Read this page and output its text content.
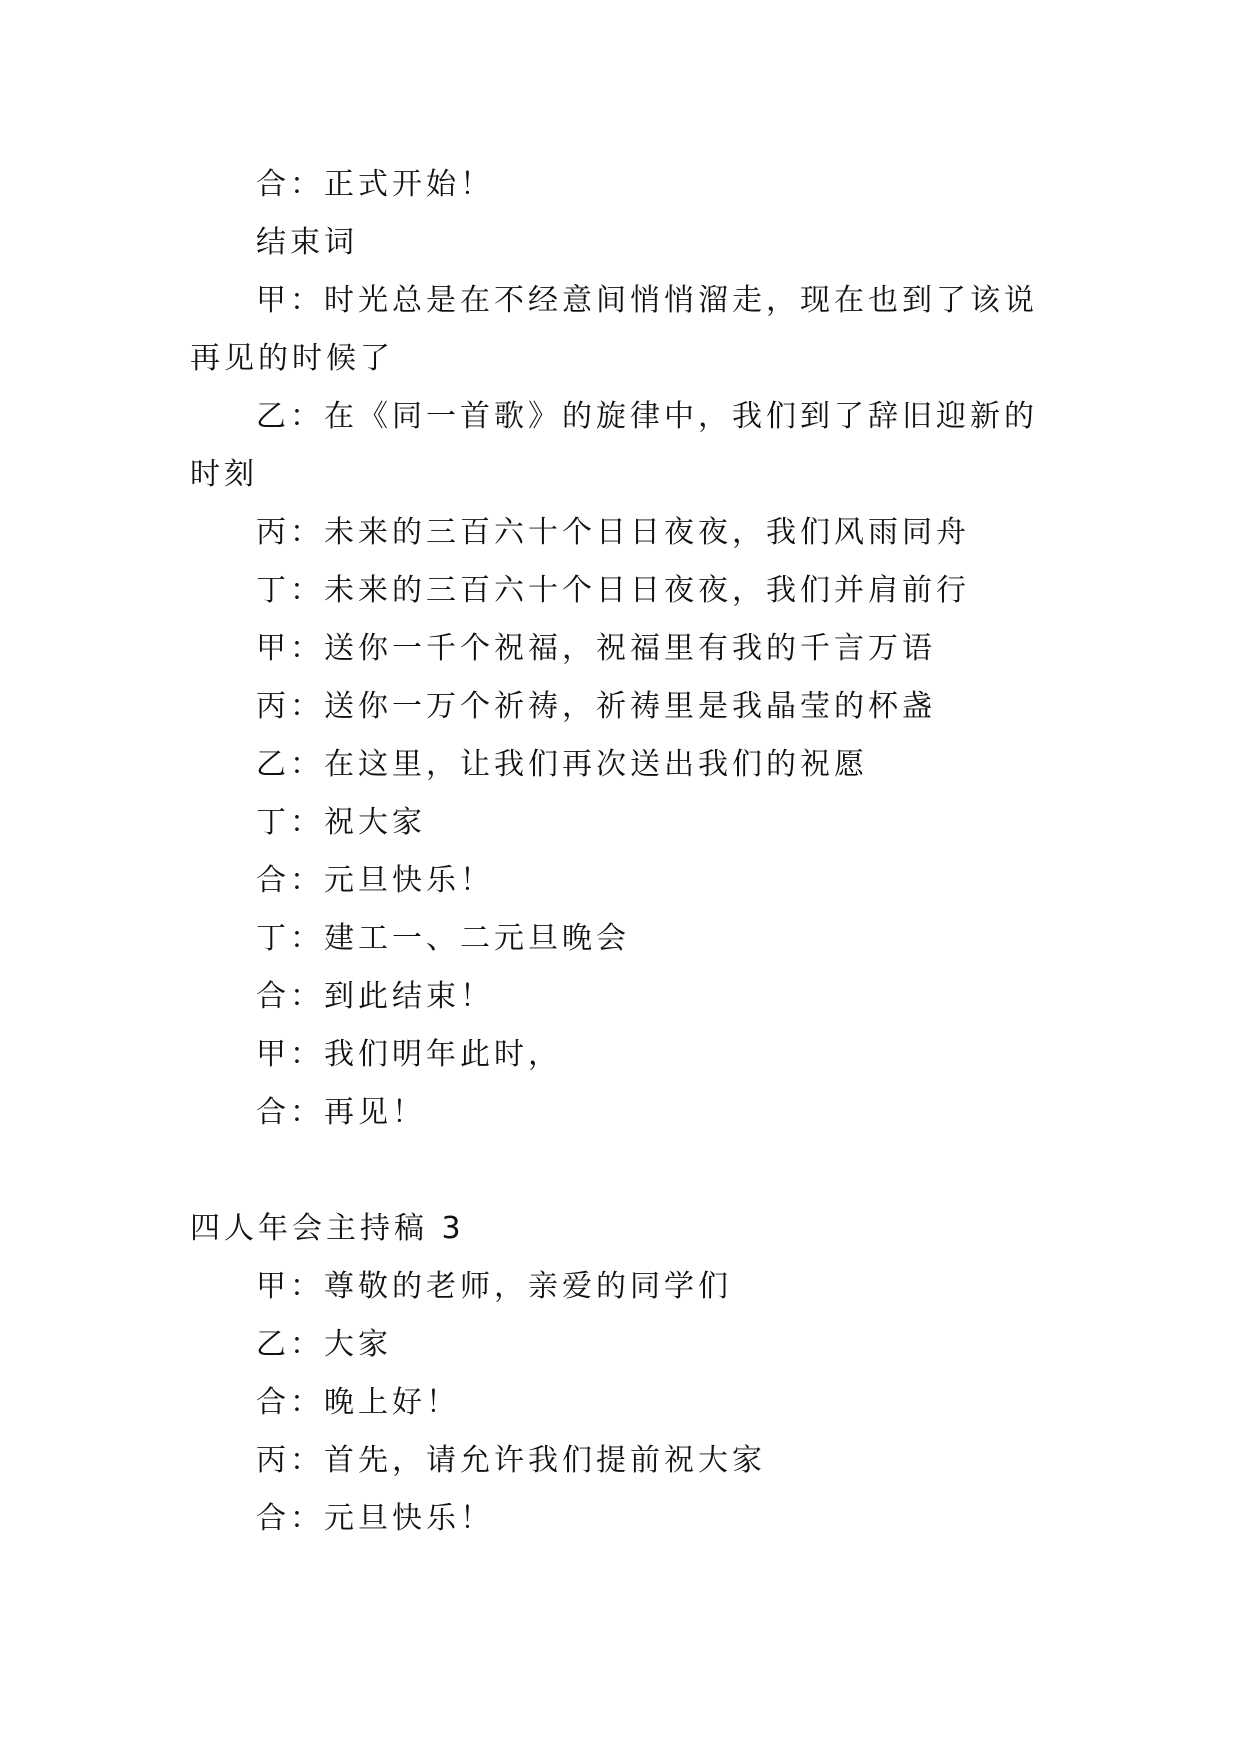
合：正式开始！

结束词

甲：时光总是在不经意间悄悄溜走，现在也到了该说再见的时候了

乙：在《同一首歌》的旋律中，我们到了辞旧迎新的时刻

丙：未来的三百六十个日日夜夜，我们风雨同舟

丁：未来的三百六十个日日夜夜，我们并肩前行

甲：送你一千个祝福，祝福里有我的千言万语

丙：送你一万个祈祷，祈祷里是我晶莹的杯盏

乙：在这里，让我们再次送出我们的祝愿

丁：祝大家

合：元旦快乐！

丁：建工一、二元旦晚会

合：到此结束！

甲：我们明年此时，

合：再见！

四人年会主持稿 3

甲：尊敬的老师，亲爱的同学们

乙：大家

合：晚上好！

丙：首先，请允许我们提前祝大家

合：元旦快乐！
